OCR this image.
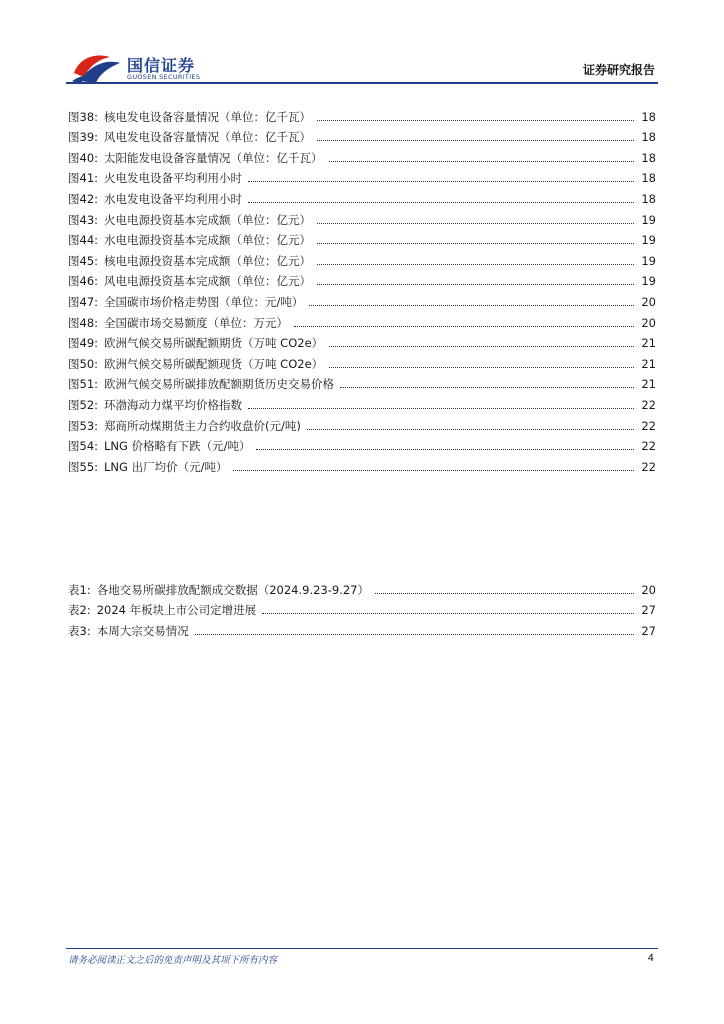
国信证券
GUOSEN SECURITIES	证券研究报告
图38: 核电发电设备容量情况（单位：亿千瓦）	18
图39: 风电发电设备容量情况（单位：亿千瓦）	18
图40: 太阳能发电设备容量情况（单位：亿千瓦）	18
图41: 火电发电设备平均利用小时	18
图42: 水电发电设备平均利用小时	18
图43: 火电电源投资基本完成额（单位：亿元）	19
图44: 水电电源投资基本完成额（单位：亿元）	19
图45: 核电电源投资基本完成额（单位：亿元）	19
图46: 风电电源投资基本完成额（单位：亿元）	19
图47: 全国碳市场价格走势图（单位：元/吨）	20
图48: 全国碳市场交易额度（单位：万元）	20
图49: 欧洲气候交易所碳配额期货（万吨 CO2e）	21
图50: 欧洲气候交易所碳配额现货（万吨 CO2e）	21
图51: 欧洲气候交易所碳排放配额期货历史交易价格	21
图52: 环渤海动力煤平均价格指数	22
图53: 郑商所动煤期货主力合约收盘价(元/吨)	22
图54: LNG 价格略有下跌（元/吨）	22
图55: LNG 出厂均价（元/吨）	22
表1: 各地交易所碳排放配额成交数据（2024.9.23-9.27）	20
表2: 2024 年板块上市公司定增进展	27
表3: 本周大宗交易情况	27
请务必阅读正文之后的免责声明及其项下所有内容	4
